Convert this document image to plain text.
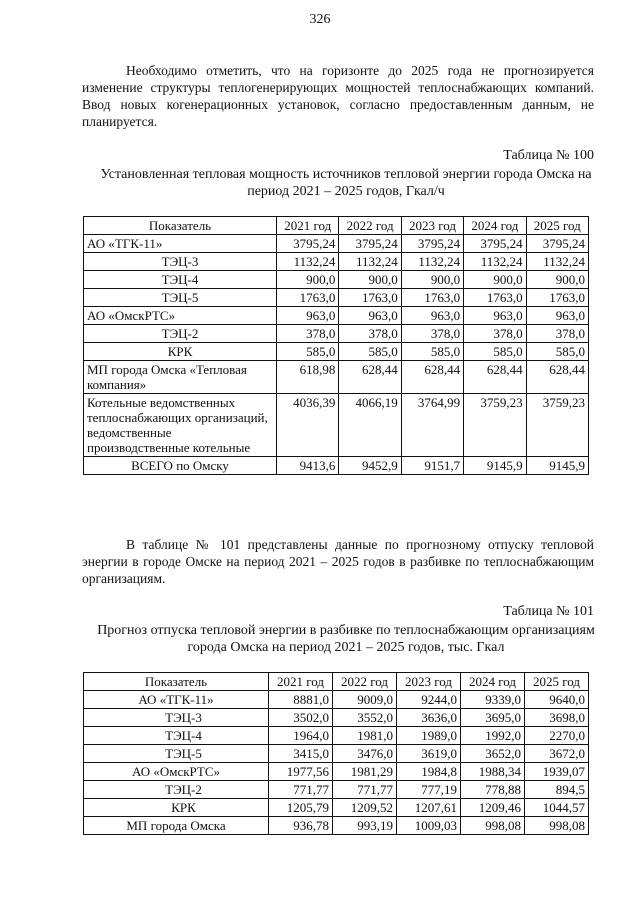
326

Необходимо отметить, что на горизонте до 2025 года не прогнозируется изменение структуры теплогенерирующих мощностей теплоснабжающих компаний. Ввод новых когенерационных установок, согласно предоставленным данным, не планируется.

Таблица № 100

Установленная тепловая мощность источников тепловой энергии города Омска на период 2021 – 2025 годов, Гкал/ч

Показатель	2021 год	2022 год	2023 год	2024 год	2025 год
АО «ТГК-11»	3795,24	3795,24	3795,24	3795,24	3795,24
ТЭЦ-3	1132,24	1132,24	1132,24	1132,24	1132,24
ТЭЦ-4	900,0	900,0	900,0	900,0	900,0
ТЭЦ-5	1763,0	1763,0	1763,0	1763,0	1763,0
АО «ОмскРТС»	963,0	963,0	963,0	963,0	963,0
ТЭЦ-2	378,0	378,0	378,0	378,0	378,0
КРК	585,0	585,0	585,0	585,0	585,0
МП города Омска «Тепловая компания»	618,98	628,44	628,44	628,44	628,44
Котельные ведомственных теплоснабжающих организаций, ведомственные производственные котельные	4036,39	4066,19	3764,99	3759,23	3759,23
ВСЕГО по Омску	9413,6	9452,9	9151,7	9145,9	9145,9

В таблице № 101 представлены данные по прогнозному отпуску тепловой энергии в городе Омске на период 2021 – 2025 годов в разбивке по теплоснабжающим организациям.

Таблица № 101

Прогноз отпуска тепловой энергии в разбивке по теплоснабжающим организациям города Омска на период 2021 – 2025 годов, тыс. Гкал

Показатель	2021 год	2022 год	2023 год	2024 год	2025 год
АО «ТГК-11»	8881,0	9009,0	9244,0	9339,0	9640,0
ТЭЦ-3	3502,0	3552,0	3636,0	3695,0	3698,0
ТЭЦ-4	1964,0	1981,0	1989,0	1992,0	2270,0
ТЭЦ-5	3415,0	3476,0	3619,0	3652,0	3672,0
АО «ОмскРТС»	1977,56	1981,29	1984,8	1988,34	1939,07
ТЭЦ-2	771,77	771,77	777,19	778,88	894,5
КРК	1205,79	1209,52	1207,61	1209,46	1044,57
МП города Омска	936,78	993,19	1009,03	998,08	998,08
